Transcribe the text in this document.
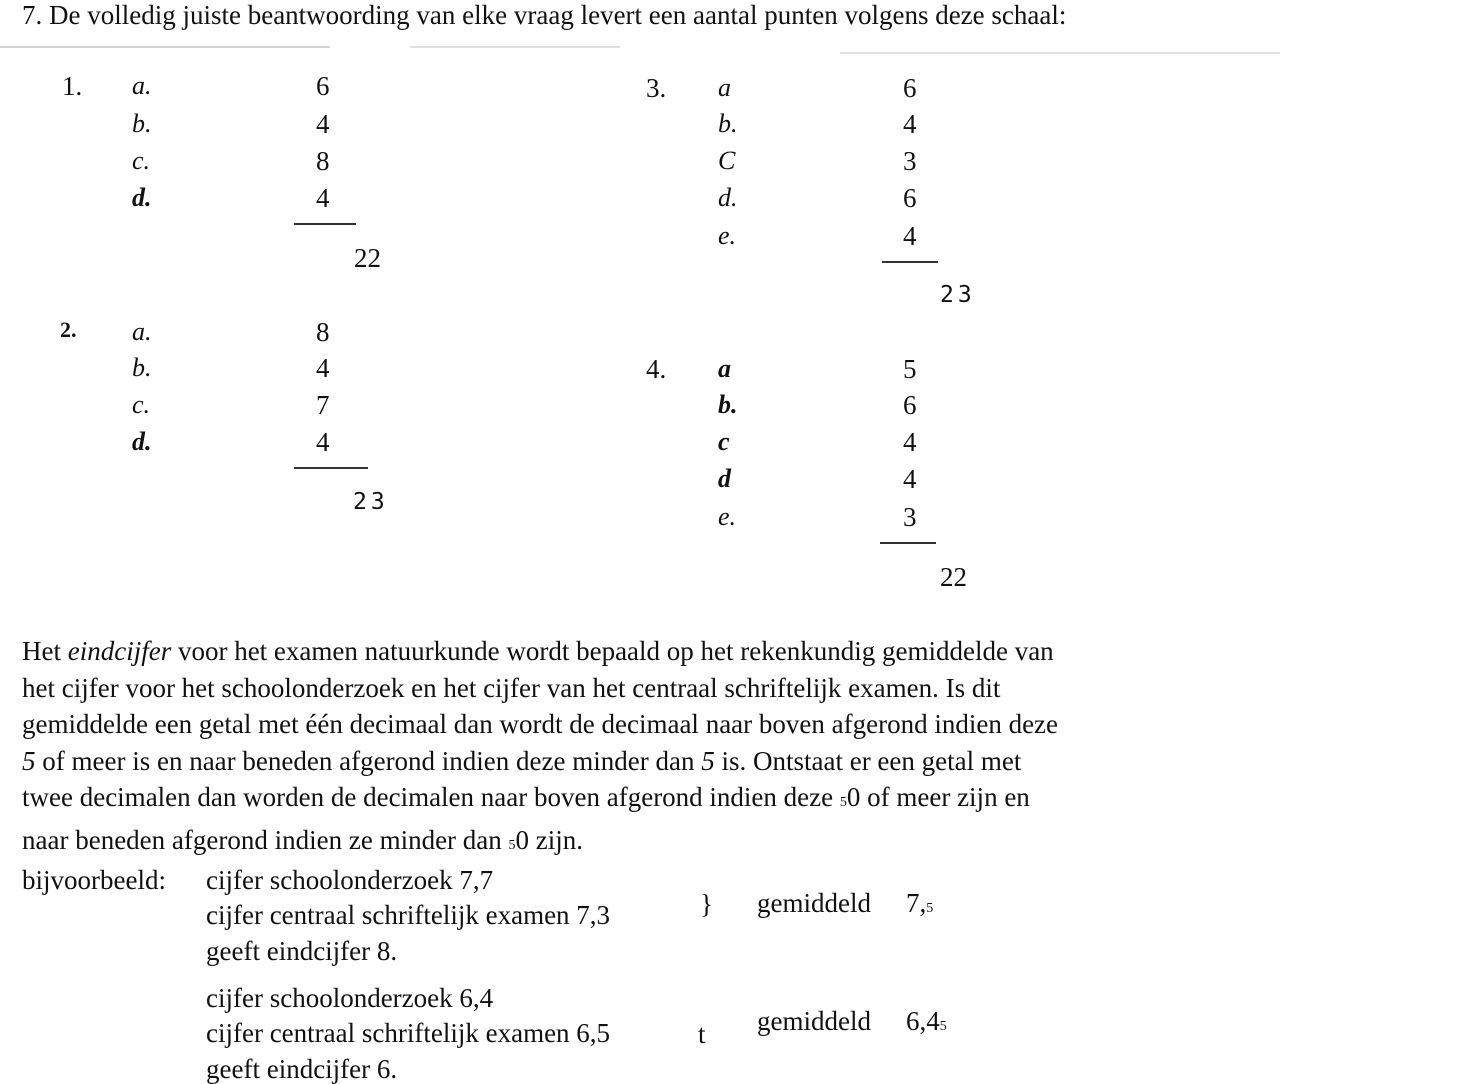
7. De volledig juiste beantwoording van elke vraag levert een aantal punten volgens deze schaal:
1. a.	6
b.	4
c.	8
d.	4
22
2. a.	8
b.	4
c.	7
d.	4
23
3. a	6
b.	4
C	3
d.	6
e.	4
23
4. a	5
b.	6
c	4
d	4
e.	3
22
Het eindcijfer voor het examen natuurkunde wordt bepaald op het rekenkundig gemiddelde van
het cijfer voor het schoolonderzoek en het cijfer van het centraal schriftelijk examen. Is dit
gemiddelde een getal met één decimaal dan wordt de decimaal naar boven afgerond indien deze
5 of meer is en naar beneden afgerond indien deze minder dan 5 is. Ontstaat er een getal met
twee decimalen dan worden de decimalen naar boven afgerond indien deze 50 of meer zijn en
naar beneden afgerond indien ze minder dan 50 zijn.
bijvoorbeeld: cijfer schoolonderzoek 7,7
cijfer centraal schriftelijk examen 7,3	} gemiddeld 7,5
geeft eindcijfer 8.
cijfer schoolonderzoek 6,4
cijfer centraal schriftelijk examen 6,5	t gemiddeld 6,45
geeft eindcijfer 6.
